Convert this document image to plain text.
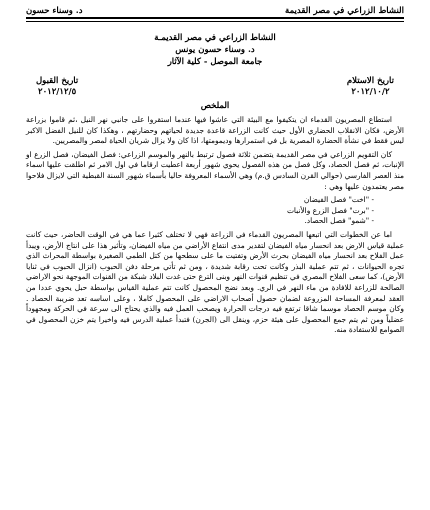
النشاط الزراعي في مصر القديمة
د. وسناء حسون
النشاط الزراعي في مصر القديمـة
د. وسناء حسون يونس
جامعة الموصل - كلية الآثار
تاريخ الاستلام
٢٠١٢/١٠/٢
تاريخ القبول
٢٠١٢/١٢/٥
الملخص

استطاع المصريون القدماء ان يتكيفوا مع البيئة التي عاشوا فيها عندما استقروا على جانبي نهر النيل ،ثم قاموا بزراعة الأرض، فكان الانقلاب الحضاري الأول حيث كانت الزراعة قاعدة جديدة لحياتهم وحضارتهم ، وهكذا كان للنيل الفضل الاكبر ليس فقط في نشأة الحضارة المصرية بل في استمرارها وديمومتها، اذا كان ولا يزال شريان الحياة لمصر والمصريين.

كان التقويم الزراعي في مصر القديمة يتضمن ثلاثة فصول ترتبط بالنهر والموسم الزراعي: فصل الفيضان، فصل الزرع او الإنبات، ثم فصل الحصاد، وكل فصل من هذه الفصول يحوي شهور أربعة اعطيت ارقاما في اول الامر ثم اطلقت عليها اسماء منذ العصر الفارسي (حوالي القرن السادس ق.م) وهي الأسماء المعروفة حاليا بأسماء شهور السنة القبطية التي لايزال فلاحوا مصر يعتمدون عليها وهي :

- "اخت" فصل الفيضان
- "برت" فصل الزرع والأنبات
- "شمو" فصل الحصاد.

اما عن الخطوات التي اتبعها المصريون القدماء في الزراعة فهي لا تختلف كثيرا عما هي في الوقت الحاضر، حيث كانت عملية قياس الارض بعد انحسار مياه الفيضان لتقدير مدى انتفاع الأراضي من مياه الفيضان، وتأثير هذا على انتاج الأرض، ويبدأ عمل الفلاح بعد انحسار مياه الفيضان بحرث الأرض وتفتيت ما على سطحها من كتل الطمي الصغيرة بواسطة المحراث الذي تجره الحيوانات ، ثم تتم عملية البذر وكانت تحت رقابة شديدة ، ومن ثم تأتي مرحلة دفن الحبوب (انزال الحبوب في ثنايا الأرض)، كما سعى الفلاح المصري في تنظيم قنوات النهر وبنى الترع حتى غدت البلاد شبكة من القنوات الموجهة نحو الاراضي الصالحة للزراعة للافادة من ماء النهر في الري. وبعد نضج المحصول كانت تتم عملية القياس بواسطة حبل يحوي عددا من العقد لمعرفة المساحة المزروعة لضمان حصول أصحاب الاراضي على المحصول كاملا ، وعلى اساسه تعد ضريبة الحصاد . وكان موسم الحصاد موسما شاقا ترتفع فيه درجات الحرارة ويصحب العمل فيه والذي يحتاج الى سرعة في الحركة ومجهوداً عضلياً ومن ثم يتم جمع المحصول على هيئة حزم، وينقل الى (الجرن) فتبدأ عملية الدرس فيه واخيرا يتم خزن المحصول في الصوامع للاستفادة منه.
